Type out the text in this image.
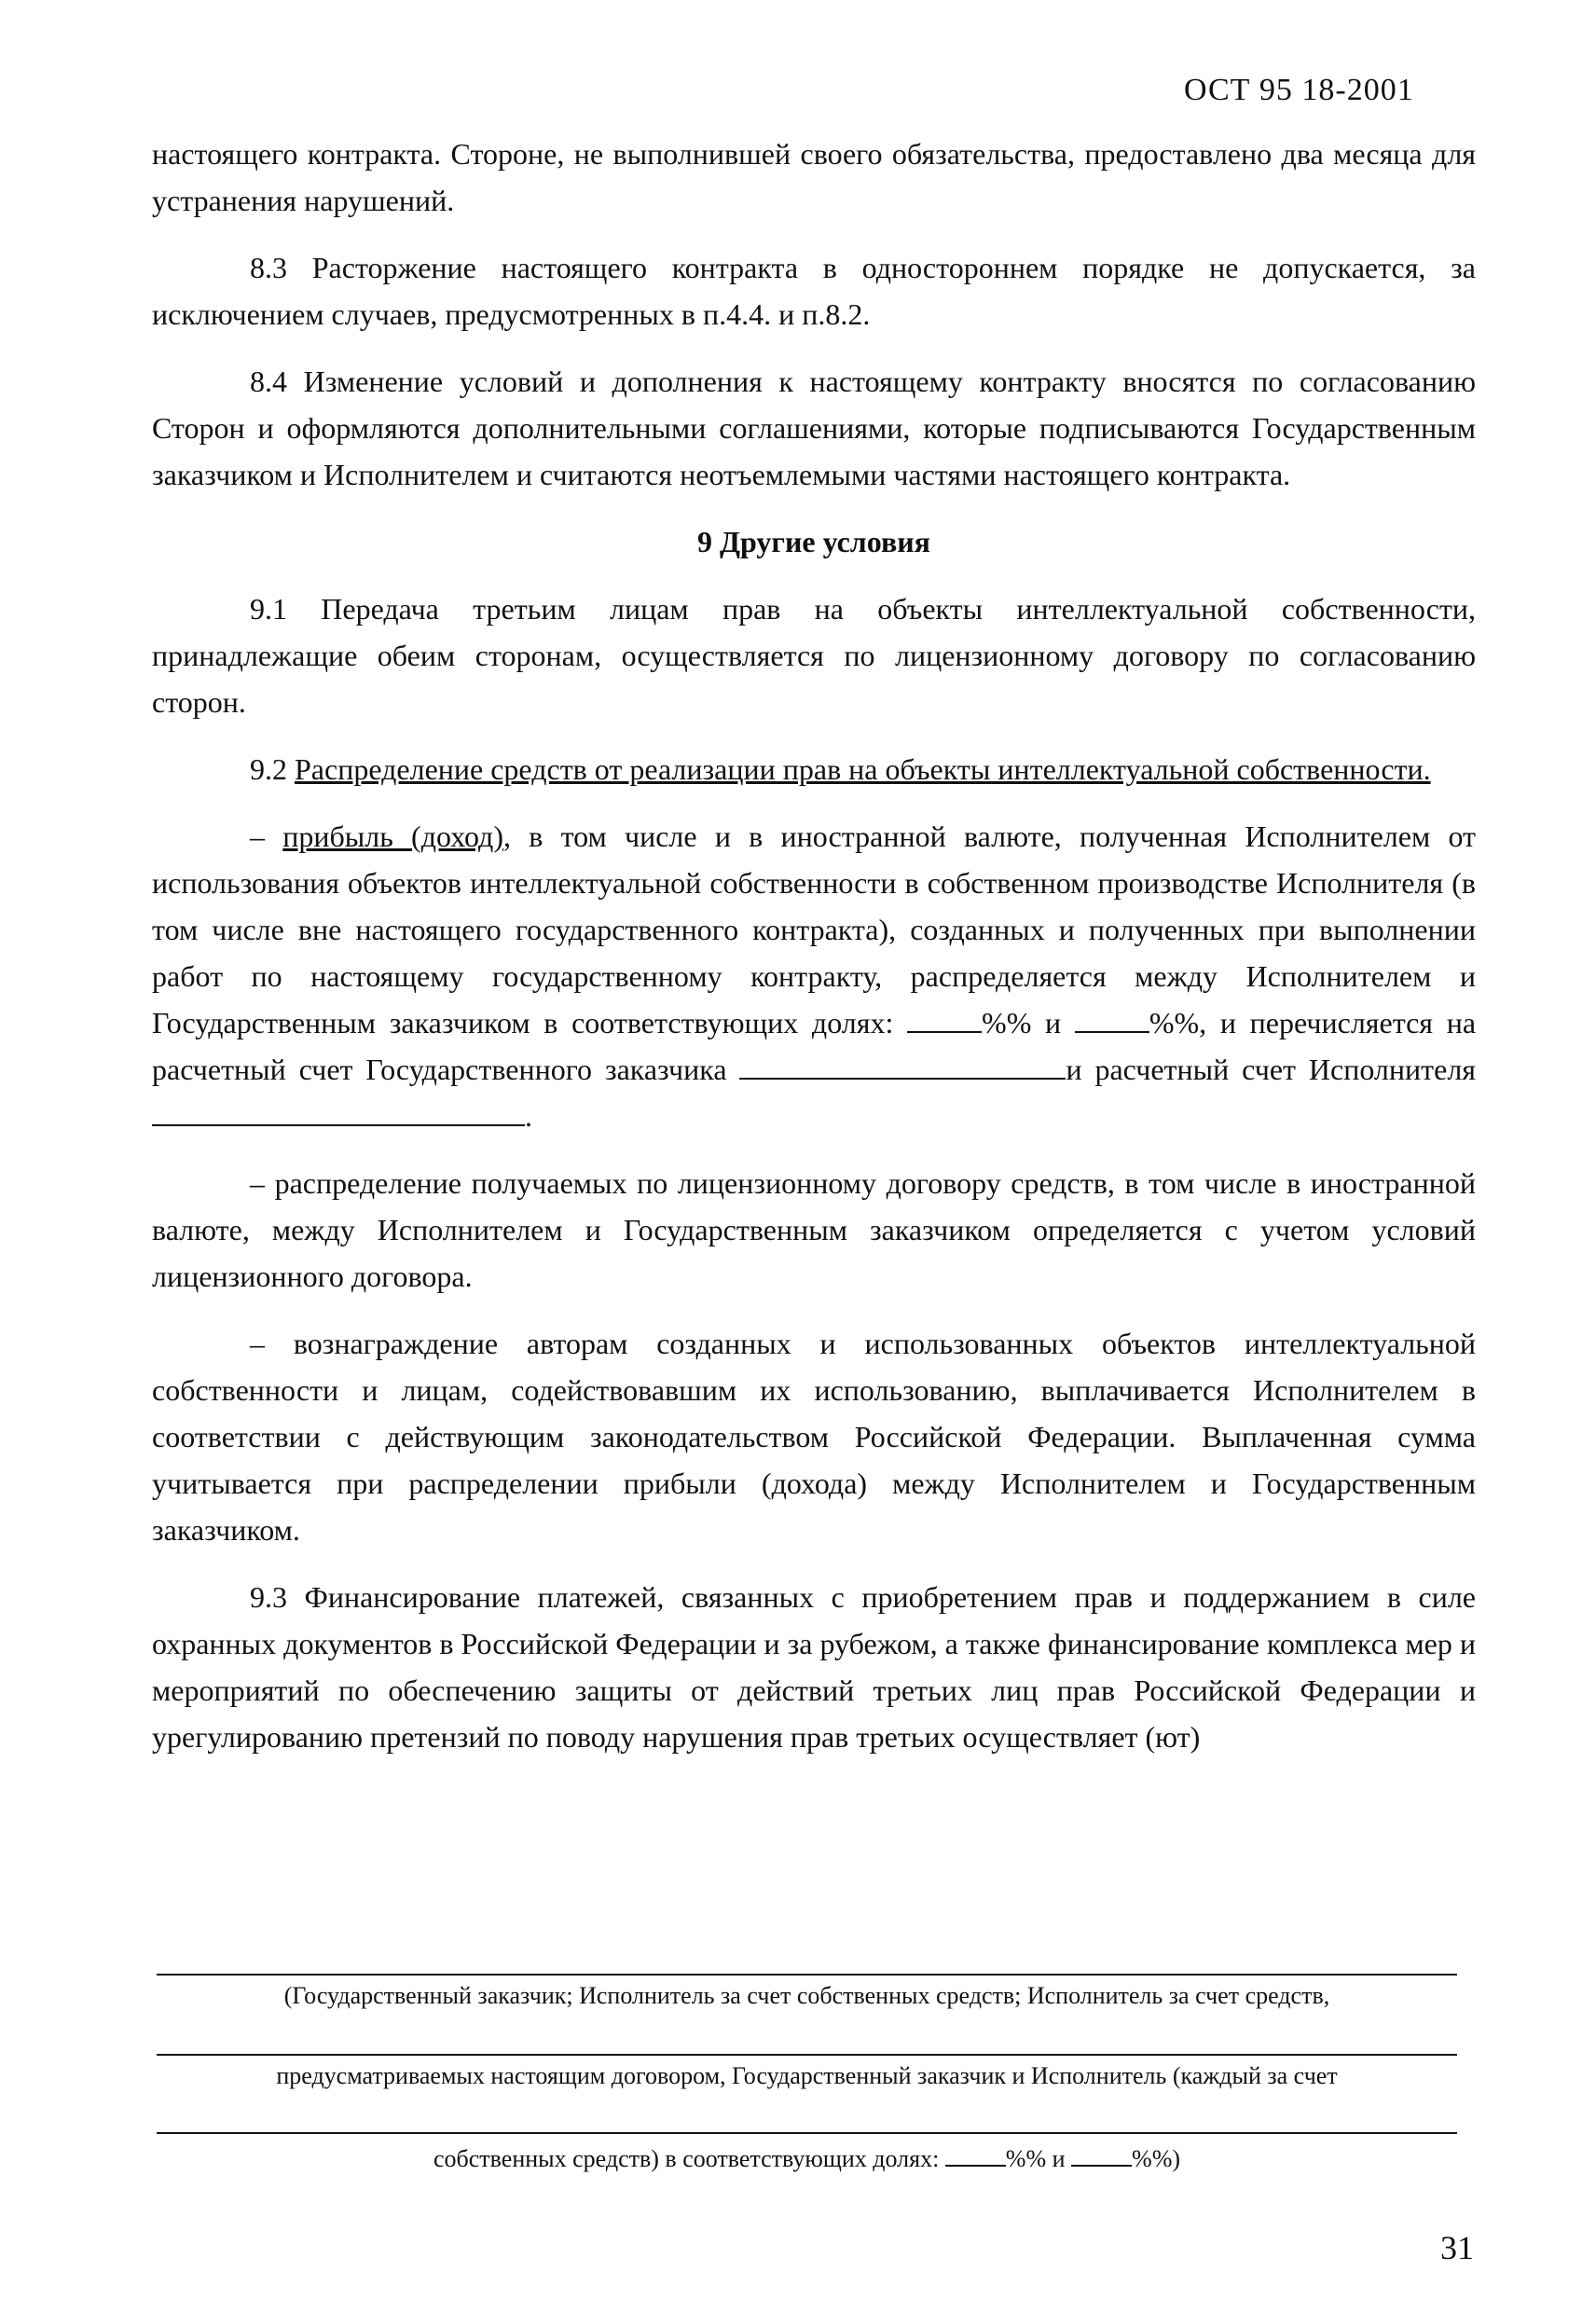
ОСТ 95 18-2001

настоящего контракта. Стороне, не выполнившей своего обязательства, предоставлено два месяца для устранения нарушений.

8.3 Расторжение настоящего контракта в одностороннем порядке не допускается, за исключением случаев, предусмотренных в п.4.4. и п.8.2.

8.4 Изменение условий и дополнения к настоящему контракту вносятся по согласованию Сторон и оформляются дополнительными соглашениями, которые подписываются Государственным заказчиком и Исполнителем и считаются неотъемлемыми частями настоящего контракта.

9 Другие условия

9.1 Передача третьим лицам прав на объекты интеллектуальной собственности, принадлежащие обеим сторонам, осуществляется по лицензионному договору по согласованию сторон.

9.2 Распределение средств от реализации прав на объекты интеллектуальной собственности.

– прибыль (доход), в том числе и в иностранной валюте, полученная Исполнителем от использования объектов интеллектуальной собственности в собственном производстве Исполнителя (в том числе вне настоящего государственного контракта), созданных и полученных при выполнении работ по настоящему государственному контракту, распределяется между Исполнителем и Государственным заказчиком в соответствующих долях:	%% и	%%, и перечисляется на расчетный счет Государственного заказчика	и расчетный счет Исполнителя .

– распределение получаемых по лицензионному договору средств, в том числе в иностранной валюте, между Исполнителем и Государственным заказчиком определяется с учетом условий лицензионного договора.

– вознаграждение авторам созданных и использованных объектов интеллектуальной собственности и лицам, содействовавшим их использованию, выплачивается Исполнителем в соответствии с действующим законодательством Российской Федерации. Выплаченная сумма учитывается при распределении прибыли (дохода) между Исполнителем и Государственным заказчиком.

9.3 Финансирование платежей, связанных с приобретением прав и поддержанием в силе охранных документов в Российской Федерации и за рубежом, а также финансирование комплекса мер и мероприятий по обеспечению защиты от действий третьих лиц прав Российской Федерации и урегулированию претензий по поводу нарушения прав третьих осуществляет (ют)

(Государственный заказчик; Исполнитель за счет собственных средств; Исполнитель за счет средств,
предусматриваемых настоящим договором, Государственный заказчик и Исполнитель (каждый за счет
собственных средств) в соответствующих долях:	%% и	%%)
31
